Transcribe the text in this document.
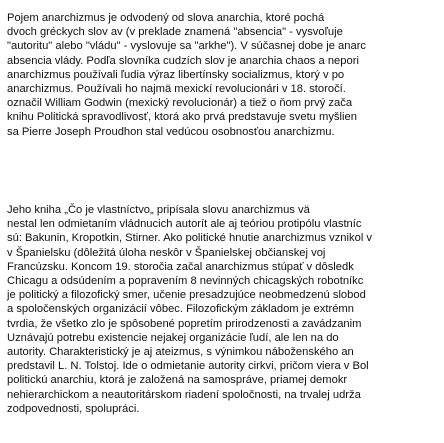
Pojem anarchizmus je odvodený od slova anarchia, ktoré pochá
dvoch gréckych slov av (v preklade znamená "absencia" - vysvoľuje
"autoritu" alebo "vládu" - vyslovuje sa "arkhe"). V súčasnej dobe je anarc
absencia vlády. Podľa slovníka cudzích slov je anarchia chaos a nepori
anarchizmus používali ľudia výraz libertínsky socializmus, ktorý v po
anarchizmus. Používali ho najmä mexickí revolucionári v 18. storočí.
označil William Godwin (mexický revolucionár) a tiež o ňom prvý zača
knihu Politická spravodlivosť, ktorá ako prvá predstavuje svetu myšlien
sa Pierre Joseph Proudhon stal vedúcou osobnosťou anarchizmu.
Jeho kniha „Čo je vlastníctvo„ pripísala slovu anarchizmus vä
nestal len odmietaním vládnucich autorít ale aj teóriou protipólu vlastníc
sú: Bakunin, Kropotkin, Stirner. Ako politické hnutie anarchizmus vznikol v
v Španielsku (dôležitá úloha neskôr v Španielskej občianskej voj
Francúzsku. Koncom 19. storočia začal anarchizmus stúpať v dôsledk
Chicagu a odsúdením a popravením 8 nevinných chicagských robotníkc
je politický a filozofický smer, učenie presadzujúce neobmedzenú slobod
a spoločenských organizácií vôbec. Filozofickým základom je extrémn
tvrdia, že všetko zlo je spôsobené popretím prirodzenosti a zavádzanim
Uznávajú potrebu existencie nejakej organizácie ľudí, ale len na do
autority. Charakteristický je aj ateizmus, s výnimkou náboženského an
predstavil L. N. Tolstoj. Ide o odmietanie autority cirkvi, pričom viera v Bol
politickú anarchiu, ktorá je založená na samospráve, priamej demokr
nehierarchickom a neautoritárskom riadení spoločnosti, na trvalej udrža
zodpovednosti, spolupráci.
